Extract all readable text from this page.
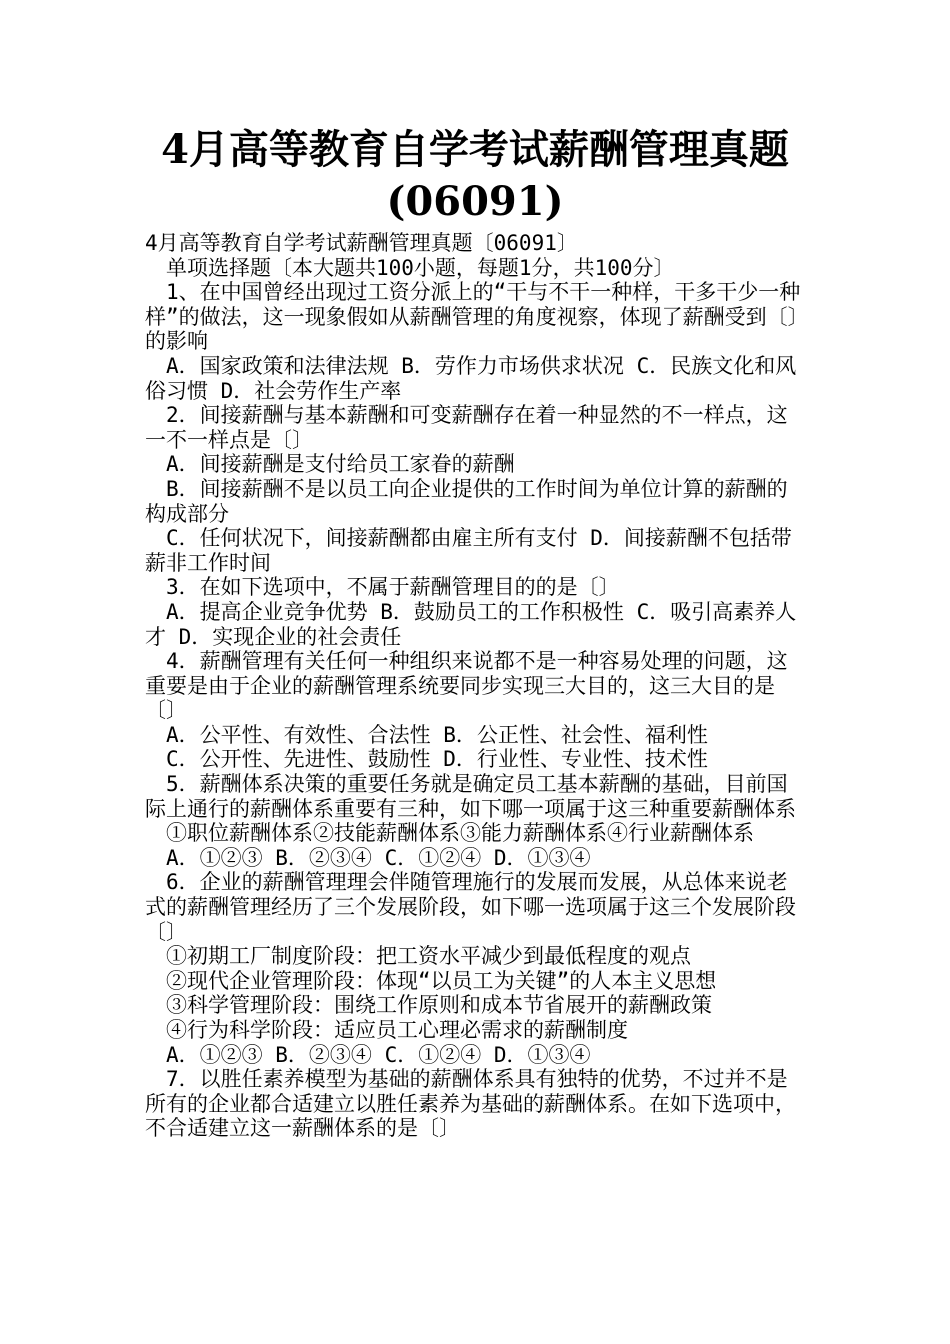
4月高等教育自学考试薪酬管理真题
(06091)

4月高等教育自学考试薪酬管理真题〔06091〕

单项选择题〔本大题共100小题，每题1分，共100分〕

1、在中国曾经出现过工资分派上的“干与不干一种样，干多干少一种样”的做法，这一现象假如从薪酬管理的角度视察，体现了薪酬受到〔〕的影响

A．国家政策和法律法规 B．劳作力市场供求状况 C．民族文化和风俗习惯 D．社会劳作生产率

2．间接薪酬与基本薪酬和可变薪酬存在着一种显然的不一样点，这一不一样点是〔〕

A．间接薪酬是支付给员工家眷的薪酬

B．间接薪酬不是以员工向企业提供的工作时间为单位计算的薪酬的构成部分

C．任何状况下，间接薪酬都由雇主所有支付 D．间接薪酬不包括带薪非工作时间

3．在如下选项中，不属于薪酬管理目的的是〔〕

A．提高企业竞争优势 B．鼓励员工的工作积极性 C．吸引高素养人才 D．实现企业的社会责任

4．薪酬管理有关任何一种组织来说都不是一种容易处理的问题，这重要是由于企业的薪酬管理系统要同步实现三大目的，这三大目的是〔〕

A．公平性、有效性、合法性 B．公正性、社会性、福利性

C．公开性、先进性、鼓励性 D．行业性、专业性、技术性

5．薪酬体系决策的重要任务就是确定员工基本薪酬的基础，目前国际上通行的薪酬体系重要有三种，如下哪一项属于这三种重要薪酬体系

①职位薪酬体系②技能薪酬体系③能力薪酬体系④行业薪酬体系

A．①②③ B．②③④ C．①②④ D．①③④

6．企业的薪酬管理理会伴随管理施行的发展而发展，从总体来说老式的薪酬管理经历了三个发展阶段，如下哪一选项属于这三个发展阶段〔〕

①初期工厂制度阶段：把工资水平减少到最低程度的观点

②现代企业管理阶段：体现“以员工为关键”的人本主义思想

③科学管理阶段：围绕工作原则和成本节省展开的薪酬政策

④行为科学阶段：适应员工心理必需求的薪酬制度

A．①②③ B．②③④ C．①②④ D．①③④

7．以胜任素养模型为基础的薪酬体系具有独特的优势，不过并不是所有的企业都合适建立以胜任素养为基础的薪酬体系。在如下选项中，不合适建立这一薪酬体系的是〔〕
